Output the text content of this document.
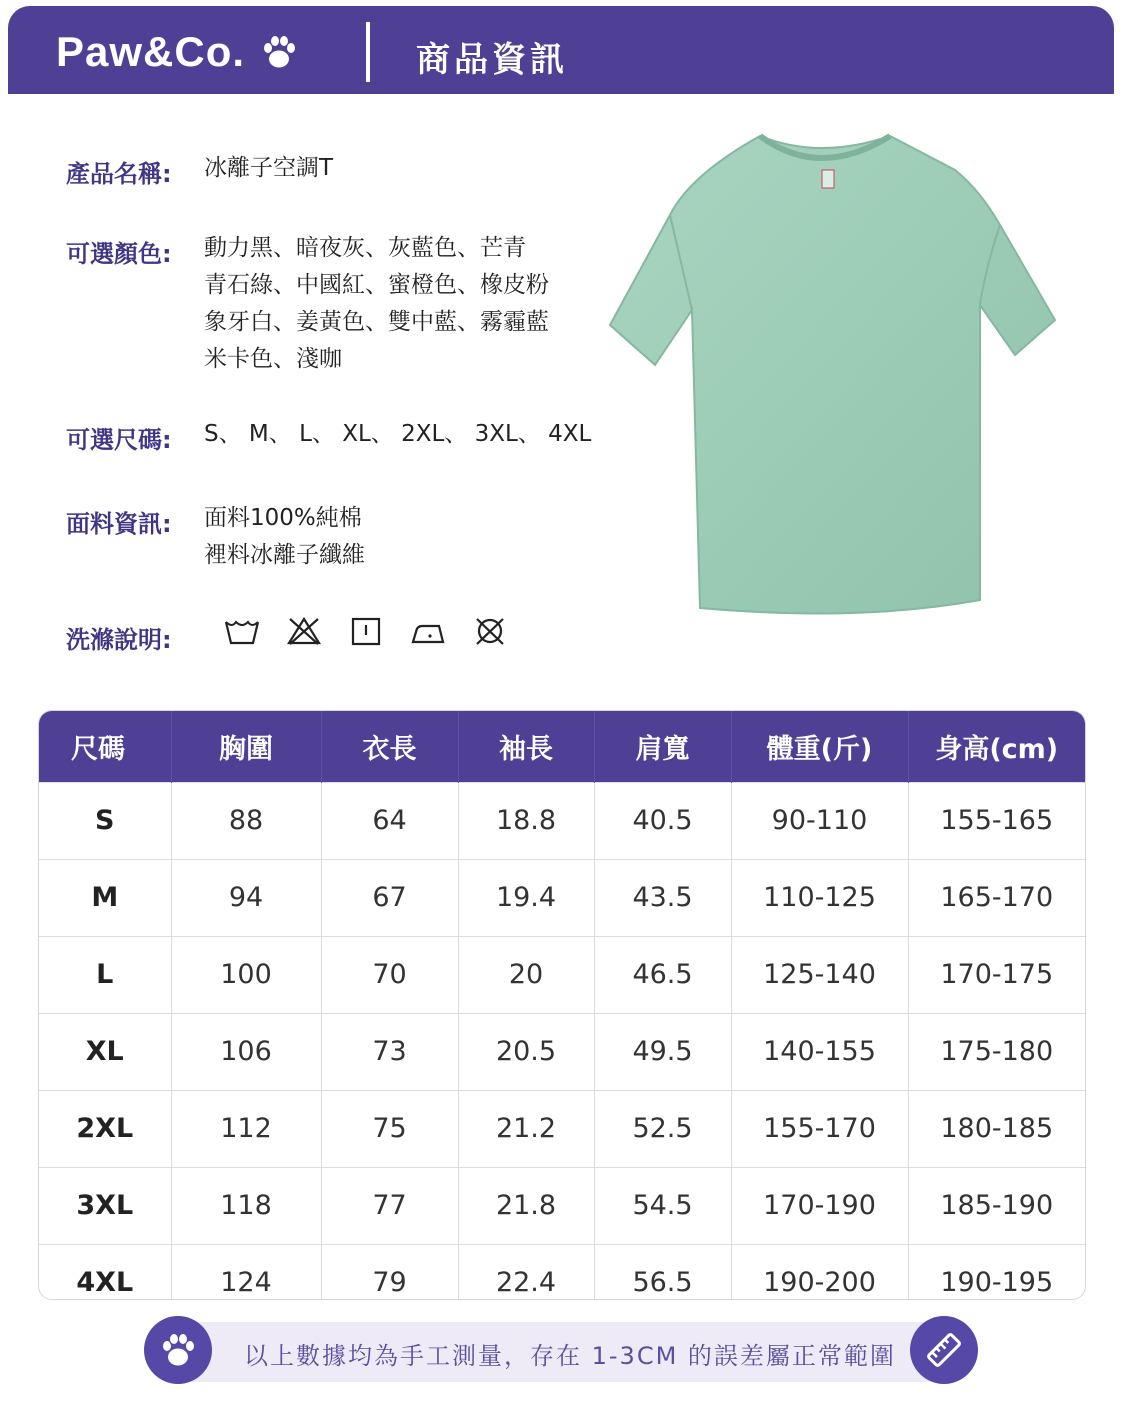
Paw&Co.	商品資訊
產品名稱: 冰離子空調T
可選顏色: 動力黑、暗夜灰、灰藍色、芒青
青石綠、中國紅、蜜橙色、橡皮粉
象牙白、姜黃色、雙中藍、霧霾藍
米卡色、淺咖
可選尺碼: S、 M、 L、 XL、 2XL、 3XL、 4XL
面料資訊: 面料100%純棉
裡料冰離子纖維
洗滌說明:
尺碼	胸圍	衣長	袖長	肩寬	體重(斤)	身高(cm)
S	88	64	18.8	40.5	90-110	155-165
M	94	67	19.4	43.5	110-125	165-170
L	100	70	20	46.5	125-140	170-175
XL	106	73	20.5	49.5	140-155	175-180
2XL	112	75	21.2	52.5	155-170	180-185
3XL	118	77	21.8	54.5	170-190	185-190
4XL	124	79	22.4	56.5	190-200	190-195
以上數據均為手工測量，存在 1-3CM 的誤差屬正常範圍
